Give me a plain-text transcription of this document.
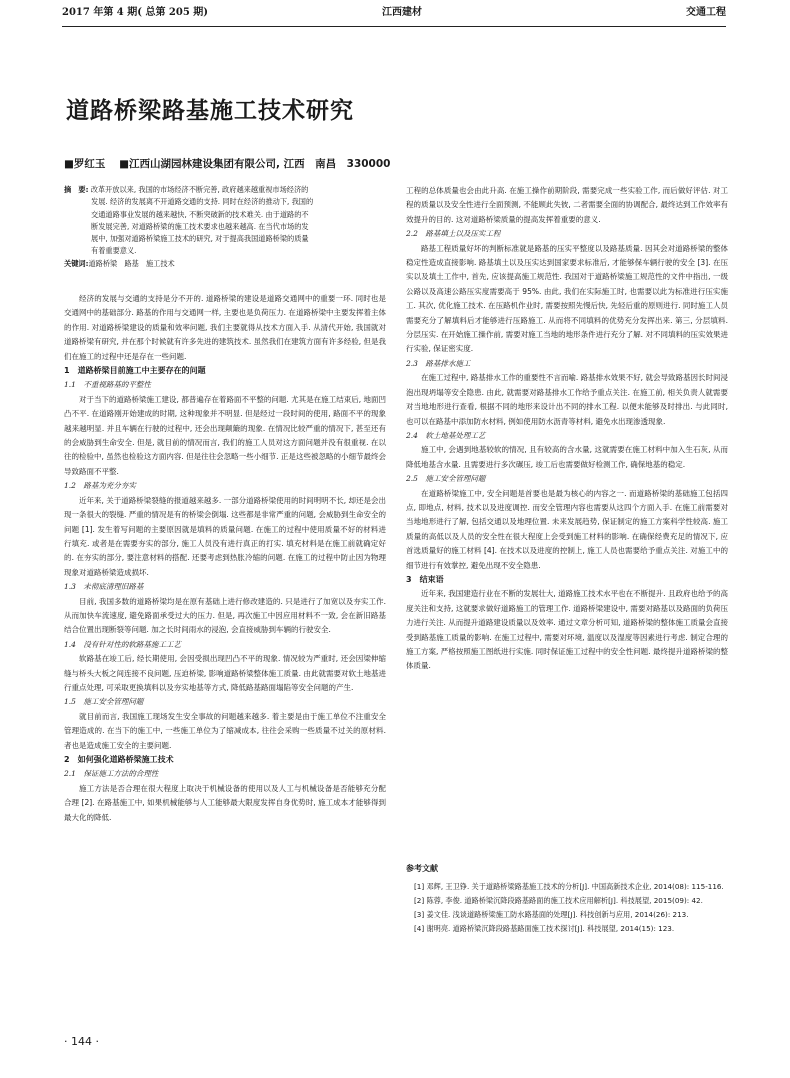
2017 年第 4 期( 总第 205 期)	江西建材	交通工程
道路桥梁路基施工技术研究
■罗红玉 ■江西山湖园林建设集团有限公司, 江西　南昌　330000
摘　要: 改革开放以来, 我国的市场经济不断完善, 政府越来越重视市场经济的
发展. 经济的发展离不开道路交通的支持. 同时在经济的推动下, 我国的
交通道路事业发展的越来越快, 不断突破新的技术难关. 由于道路的不
断发展完善, 对道路桥梁的施工技术要求也越来越高. 在当代市场的发
展中, 加强对道路桥梁施工技术的研究, 对于提高我国道路桥梁的质量
有着重要意义.
关键词:道路桥梁　路基　施工技术

经济的发展与交通的支持是分不开的. 道路桥梁的建设是道路交通网中的重要一环. 同时也是交通网中的基础部分. 路基的作用与交通网一样, 主要也是负荷压力. 在道路桥梁中主要发挥着主体的作用. 对道路桥梁建设的质量和效率问题, 我们主要就得从技术方面入手. 从清代开始, 我国就对道路桥梁有研究, 并在那个时候就有许多先进的建筑技术. 虽然我们在建筑方面有许多经验, 但是我们在施工的过程中还是存在一些问题.

1　道路桥梁目前施工中主要存在的问题

1.1　不重视路基的平整性

对于当下的道路桥梁施工建设, 都普遍存在着路面不平整的问题. 尤其是在施工结束后, 地面凹凸不平. 在道路刚开始建成的时期, 这种现象并不明显. 但是经过一段时间的使用, 路面不平的现象越来越明显. 并且车辆在行驶的过程中, 还会出现颠簸的现象. 在情况比较严重的情况下, 甚至还有的会威胁到生命安全. 但是, 就目前的情况而言, 我们的施工人员对这方面问题并没有很重视. 在以往的检验中, 虽然也检验这方面内容. 但是往往会忽略一些小细节. 正是这些被忽略的小细节最终会导致路面不平整.

1.2　路基为充分夯实

近年来, 关于道路桥梁裂缝的报道越来越多. 一部分道路桥梁使用的时间明明不长, 却还是会出现一条很大的裂缝. 严重的情况是有的桥梁会倒塌. 这些都是非常严重的问题, 会威胁到生命安全的问题 [1]. 发生着写问题的主要原因就是填料的质量问题. 在施工的过程中使用质量不好的材料进行填充. 或者是在需要夯实的部分, 施工人员没有进行真正的打实. 填充材料是在施工前就确定好的. 在夯实的部分, 要注意材料的搭配. 还要考虑到热胀冷缩的问题. 在施工的过程中防止因为物理现象对道路桥梁造成损坏.

1.3　未彻底清理旧路基

目前, 我国多数的道路桥梁均是在原有基础上进行修改建造的. 只是进行了加宽以及夯实工作. 从而加快车流速度, 避免路面承受过大的压力. 但是, 再次施工中因应用材料不一致, 会在新旧路基结合位置出现断裂等问题. 加之长时间雨水的浸泡, 会直接威胁到车辆的行驶安全.

1.4　没有针对性的软路基施工工艺

软路基在竣工后, 经长期使用, 会因受损出现凹凸不平的现象. 情况较为严重时, 还会因梁伸缩缝与桥头大板之间连接不良问题, 压迫桥梁, 影响道路桥梁整体施工质量. 由此就需要对软土地基进行重点处理, 可采取更换填料以及夯实地基等方式, 降低路基路面塌陷等安全问题的产生.

1.5　施工安全管理问题

就目前而言, 我国施工现场发生安全事故的问题越来越多. 着主要是由于施工单位不注重安全管理造成的. 在当下的施工中, 一些施工单位为了缩减成本, 往往会采购一些质量不过关的原材料. 者也是造成施工安全的主要问题.

2　如何强化道路桥梁施工技术

2.1　保证施工方法的合理性

施工方法是否合理在很大程度上取决于机械设备的使用以及人工与机械设备是否能够充分配合理 [2]. 在路基施工中, 如果机械能够与人工能够最大限度发挥自身优势时, 施工成本才能够得到最大化的降低.

工程的总体质量也会由此升高. 在施工操作前期阶段, 需要完成一些实验工作, 而后做好评估. 对工程的质量以及安全性进行全面预测, 不能顾此失彼, 二者需要全面的协调配合, 最终达到工作效率有效提升的目的. 这对道路桥梁质量的提高发挥着重要的意义.

2.2　路基填土以及压实工程

路基工程质量好坏的判断标准就是路基的压实平整度以及路基质量. 因其会对道路桥梁的整体稳定性造成直接影响. 路基填土以及压实达到国家要求标准后, 才能够保车辆行驶的安全 [3]. 在压实以及填土工作中, 首先, 应该提高施工规范性. 我国对于道路桥梁施工规范性的文件中指出, 一级公路以及高速公路压实度需要高于 95%. 由此, 我们在实际施工时, 也需要以此为标准进行压实施工. 其次, 优化施工技术. 在压路机作业时, 需要按照先慢后快, 先轻后重的原则进行. 同时施工人员需要充分了解填料后才能够进行压路施工. 从而将不同填料的优势充分发挥出来. 第三, 分层填料. 分层压实. 在开始施工操作前, 需要对施工当地的地形条件进行充分了解. 对不同填料的压实效果进行实验, 保证密实度.

2.3　路基排水施工

在施工过程中, 路基排水工作的重要性不言而喻. 路基排水效果不好, 就会导致路基因长时间浸泡出现坍塌等安全隐患. 由此, 就需要对路基排水工作给予重点关注. 在施工前, 相关负责人就需要对当地地形进行查看, 根据不同的地形来设计出不同的排水工程. 以便未能够及时排出. 与此同时, 也可以在路基中添加防水材料, 例如使用防水沥青等材料, 避免水出现渗透现象.

2.4　软土地基处理工艺

施工中, 会遇到地基较软的情况, 且有较高的含水量, 这就需要在施工材料中加入生石灰, 从而降低地基含水量. 且需要进行多次碾压, 竣工后也需要做好检测工作, 确保地基的稳定.

2.5　施工安全管理问题

在道路桥梁施工中, 安全问题是首要也是最为核心的内容之一. 而道路桥梁的基础施工包括四点, 即地点, 材料, 技术以及进度调控. 而安全管理内容也需要从这四个方面入手. 在施工前需要对当地地形进行了解, 包括交通以及地理位置. 未来发展趋势, 保证制定的施工方案科学性较高. 施工质量的高低以及人员的安全性在很大程度上会受到施工材料的影响. 在确保经费充足的情况下, 应首选质量好的施工材料 [4]. 在技术以及进度的控制上, 施工人员也需要给予重点关注. 对施工中的细节进行有效掌控, 避免出现不安全隐患.

3　结束语

近年来, 我国建造行业在不断的发展壮大, 道路施工技术水平也在不断提升. 且政府也给予的高度关注和支持, 这就要求做好道路施工的管理工作. 道路桥梁建设中, 需要对路基以及路面的负荷压力进行关注. 从而提升道路建设质量以及效率. 通过文章分析可知, 道路桥梁的整体施工质量会直接受到路基施工质量的影响. 在施工过程中, 需要对环境, 温度以及湿度等因素进行考虑. 制定合理的施工方案, 严格按照施工图纸进行实施. 同时保证施工过程中的安全性问题. 最终提升道路桥梁的整体质量.

参考文献
[1] 邓辉, 王卫铮. 关于道路桥梁路基施工技术的分析[J]. 中国高新技术企业, 2014(08): 115-116.
[2] 陈蓉, 李俊. 道路桥梁沉降段路基路面的施工技术应用解析[J]. 科技展望, 2015(09): 42.
[3] 姜文佳. 浅谈道路桥梁施工防水路基面的处理[J]. 科技创新与应用, 2014(26): 213.
[4] 谢明亮. 道路桥梁沉降段路基路面施工技术探讨[J]. 科技展望, 2014(15): 123.
· 144 ·
